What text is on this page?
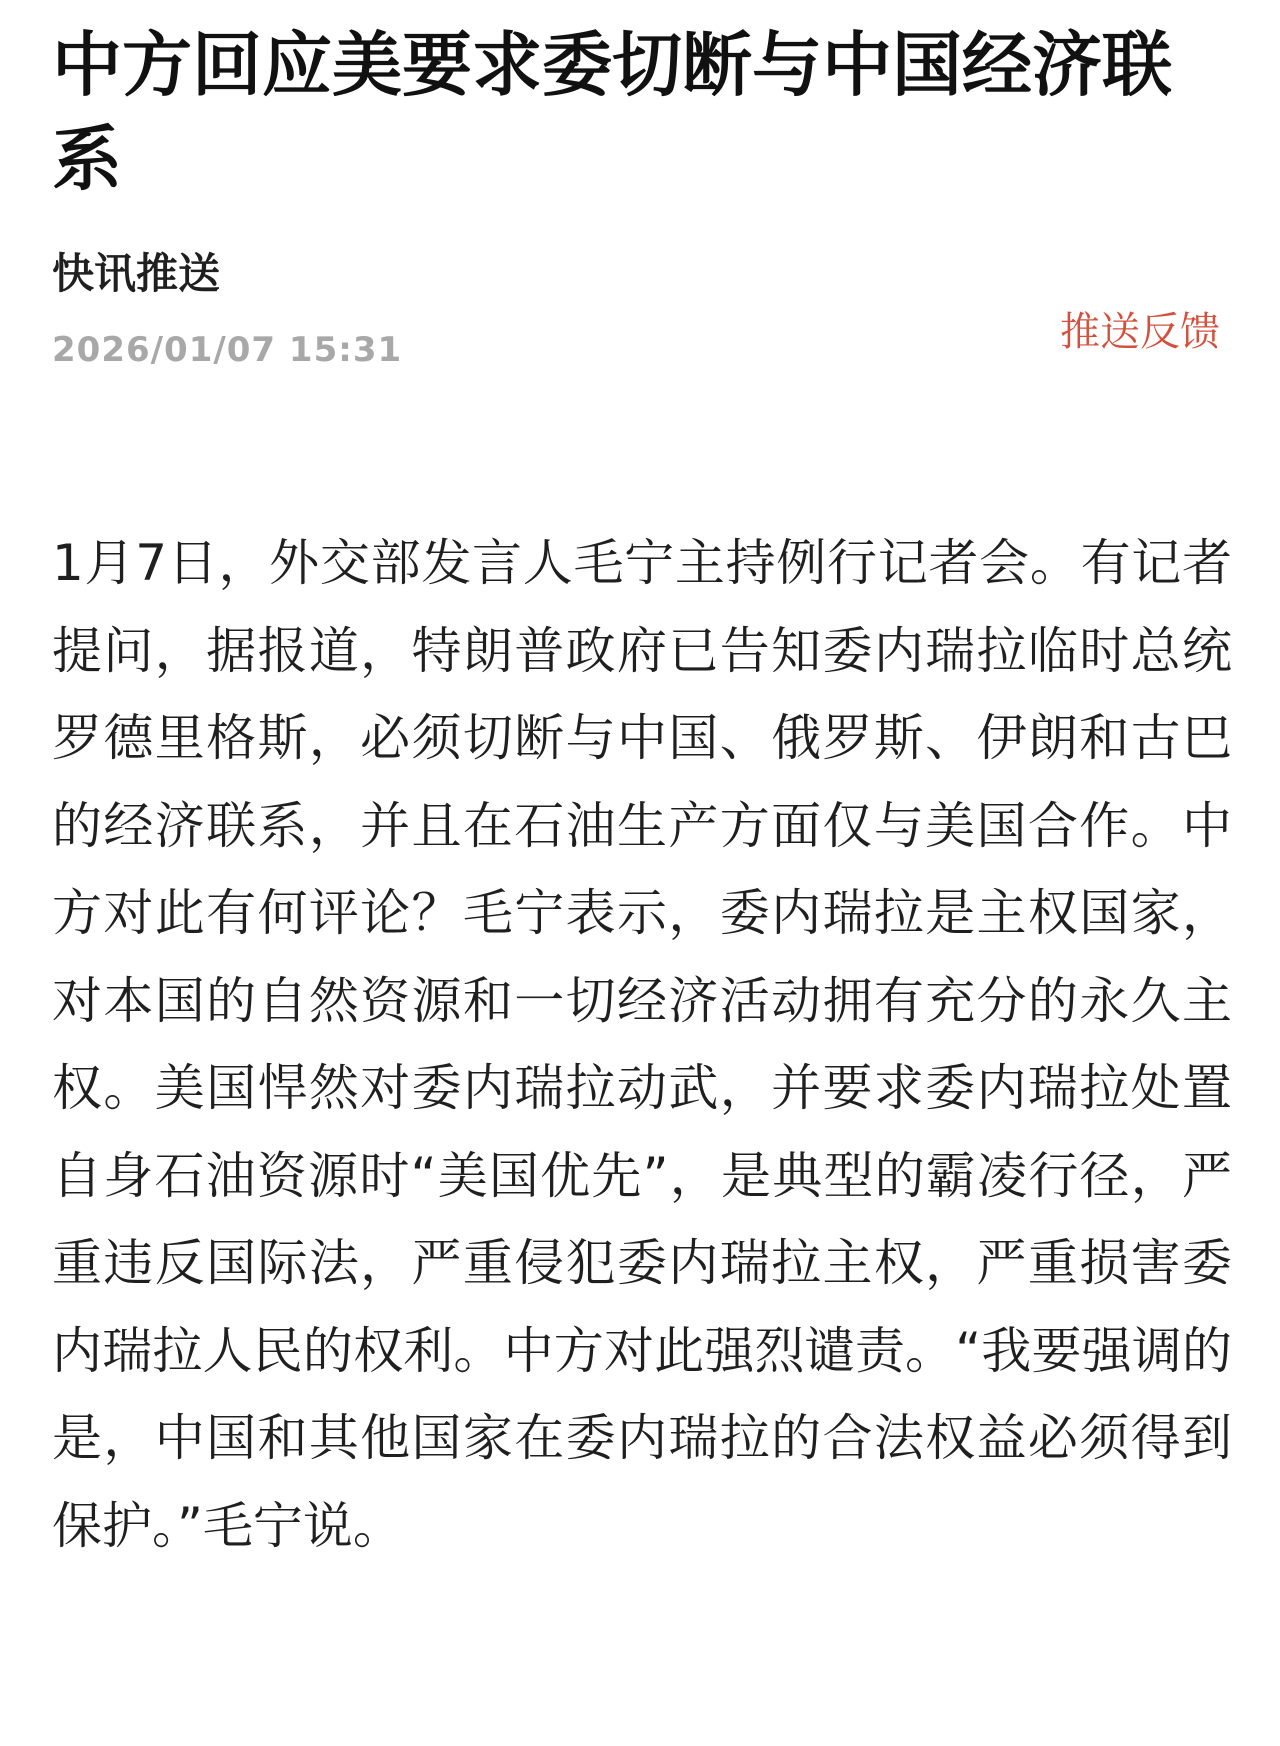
中方回应美要求委切断与中国经济联系
快讯推送
2026/01/07 15:31	推送反馈
1月7日，外交部发言人毛宁主持例行记者会。有记者提问，据报道，特朗普政府已告知委内瑞拉临时总统罗德里格斯，必须切断与中国、俄罗斯、伊朗和古巴的经济联系，并且在石油生产方面仅与美国合作。中方对此有何评论？毛宁表示，委内瑞拉是主权国家，对本国的自然资源和一切经济活动拥有充分的永久主权。美国悍然对委内瑞拉动武，并要求委内瑞拉处置自身石油资源时“美国优先”，是典型的霸凌行径，严重违反国际法，严重侵犯委内瑞拉主权，严重损害委内瑞拉人民的权利。中方对此强烈谴责。“我要强调的是，中国和其他国家在委内瑞拉的合法权益必须得到保护。”毛宁说。
